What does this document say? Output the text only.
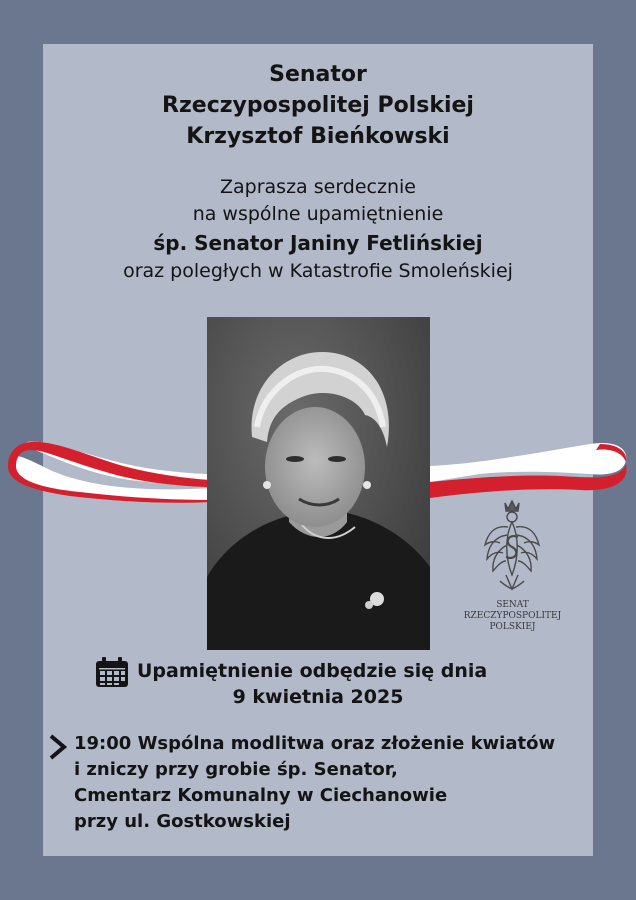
Senator
Rzeczypospolitej Polskiej
Krzysztof Bieńkowski
Zaprasza serdecznie
na wspólne upamiętnienie
śp. Senator Janiny Fetlińskiej
oraz poległych w Katastrofie Smoleńskiej
SENAT
RZECZYPOSPOLITEJ
POLSKIEJ
Upamiętnienie odbędzie się dnia
9 kwietnia 2025
19:00 Wspólna modlitwa oraz złożenie kwiatów
i zniczy przy grobie śp. Senator,
Cmentarz Komunalny w Ciechanowie
przy ul. Gostkowskiej
